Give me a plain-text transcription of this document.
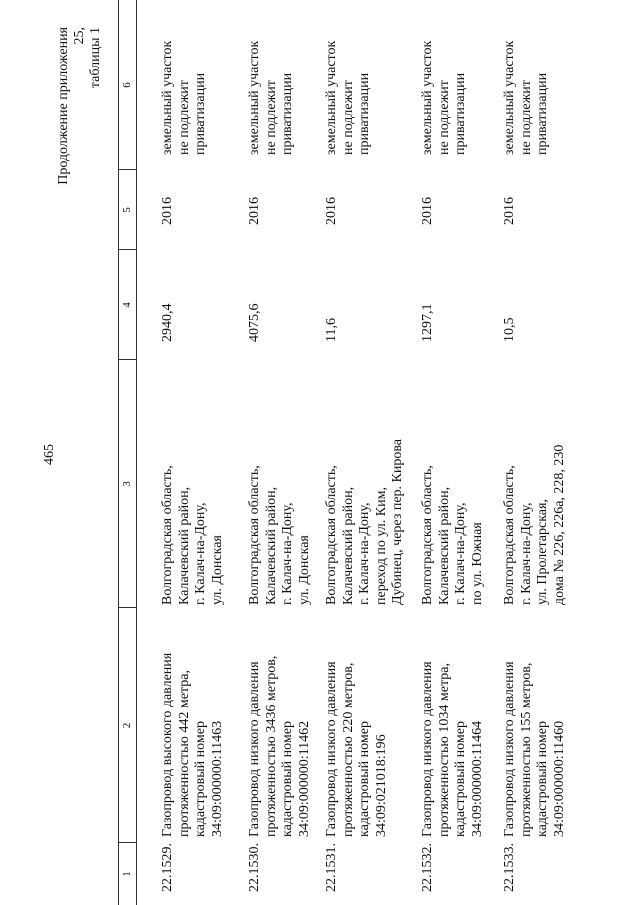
465
Продолжение приложения 25, таблицы 1
1
2
3
4
5
6
22.1529.
Газопровод высокого давления протяженностью 442 метра, кадастровый номер 34:09:000000:11463
Волгоградская область, Калачевский район, г. Калач-на-Дону, ул. Донская
2940,4
2016
земельный участок не подлежит приватизации
22.1530.
Газопровод низкого давления протяженностью 3436 метров, кадастровый номер 34:09:000000:11462
Волгоградская область, Калачевский район, г. Калач-на-Дону, ул. Донская
4075,6
2016
земельный участок не подлежит приватизации
22.1531.
Газопровод низкого давления протяженностью 220 метров, кадастровый номер 34:09:021018:196
Волгоградская область, Калачевский район, г. Калач-на-Дону, переход по ул. Ким, Дубинец, через пер. Кирова
11,6
2016
земельный участок не подлежит приватизации
22.1532.
Газопровод низкого давления протяженностью 1034 метра, кадастровый номер 34:09:000000:11464
Волгоградская область, Калачевский район, г. Калач-на-Дону, по ул. Южная
1297,1
2016
земельный участок не подлежит приватизации
22.1533.
Газопровод низкого давления протяженностью 155 метров, кадастровый номер 34:09:000000:11460
Волгоградская область, г. Калач-на-Дону, ул. Пролетарская, дома № 226, 226а, 228, 230
10,5
2016
земельный участок не подлежит приватизации
